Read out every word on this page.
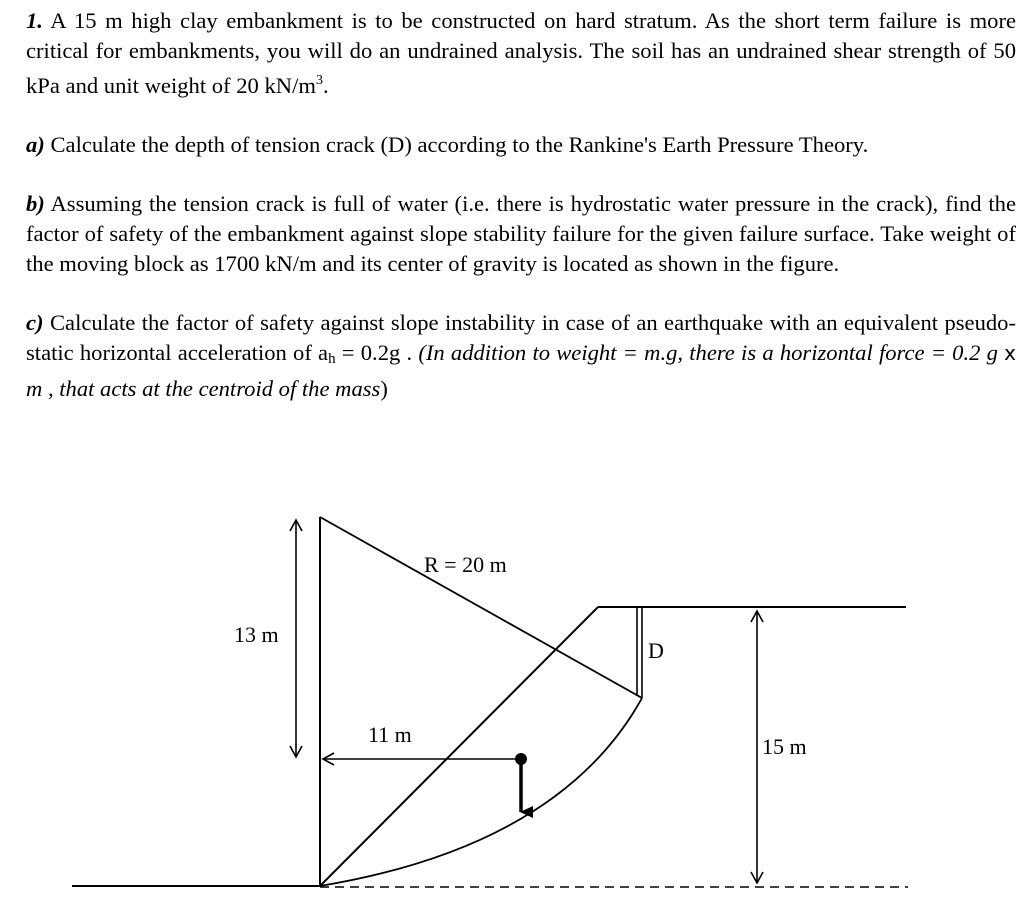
1. A 15 m high clay embankment is to be constructed on hard stratum. As the short term failure is more critical for embankments, you will do an undrained analysis. The soil has an undrained shear strength of 50 kPa and unit weight of 20 $kN/m^3$.

a) Calculate the depth of tension crack (D) according to the Rankine's Earth Pressure Theory.

b) Assuming the tension crack is full of water (i.e. there is hydrostatic water pressure in the crack), find the factor of safety of the embankment against slope stability failure for the given failure surface. Take weight of the moving block as 1700 kN/m and its center of gravity is located as shown in the figure.

c) Calculate the factor of safety against slope instability in case of an earthquake with an equivalent pseudo-static horizontal acceleration of $a_h = 0.2g$ . (In addition to weight = m.g, there is a horizontal force = 0.2 g x m , that acts at the centroid of the mass)

R = 20 m
13 m
11 m
D
15 m
